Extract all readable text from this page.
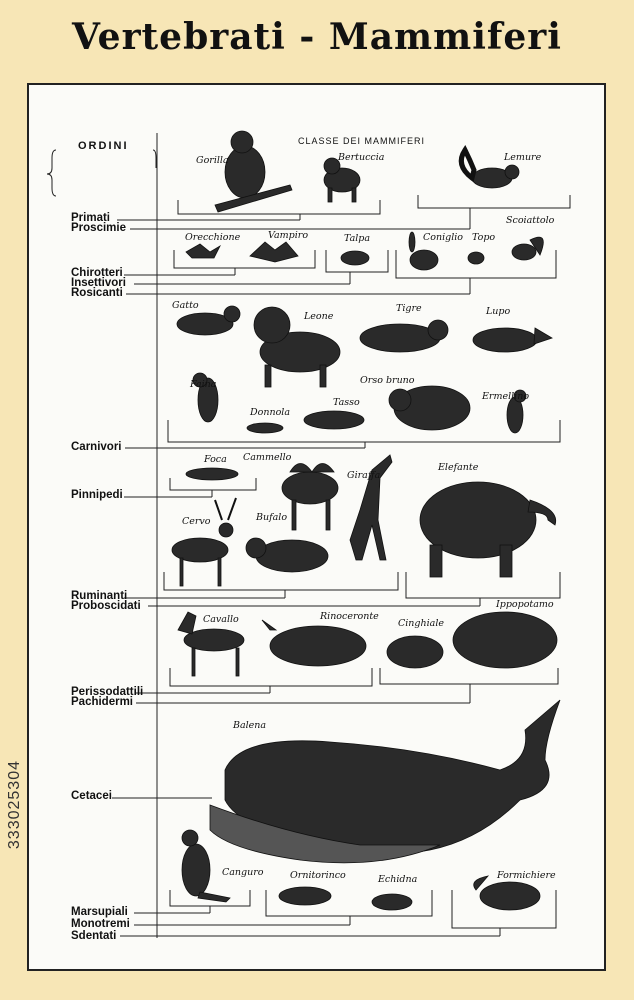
Vertebrati - Mammiferi
ORDINI	CLASSE DEI MAMMIFERI
Primati
Proscimie
Chirotteri
Insettivori
Rosicanti
Carnivori
Pinnipedi
Ruminanti
Proboscidati
Perissodattili
Pachidermi
Cetacei
Marsupiali
Monotremi
Sdentati
Gorilla	Bertuccia	Lemure
Orecchione	Vampiro	Talpa	Coniglio Topo
Scoiattolo
Gatto
Leone
Tigre	Lupo
Faina
Donnola
Tasso
Orso bruno
Ermellino
Foca Cammello
Giraffa
Elefante
Cervo	Bufalo
Cavallo	Rinoceronte
Cinghiale
Ippopotamo
Balena
Canguro	Ornitorinco	Echidna	Formichiere
333025304
